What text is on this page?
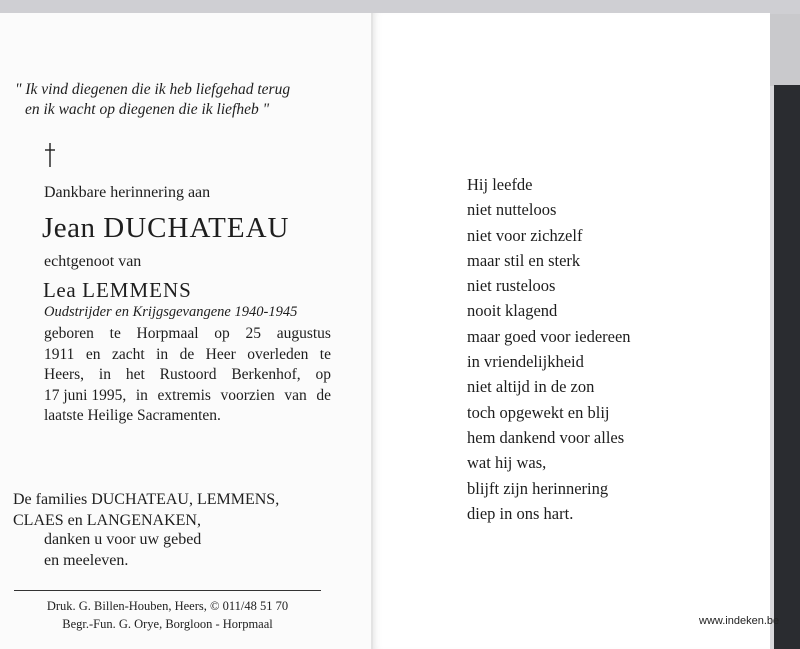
" Ik vind diegenen die ik heb liefgehad terug
en ik wacht op diegenen die ik liefheb "
Dankbare herinnering aan
Jean DUCHATEAU
echtgenoot van
Lea LEMMENS
Oudstrijder en Krijgsgevangene 1940-1945
geboren te Horpmaal op 25 augustus
1911 en zacht in de Heer overleden te
Heers, in het Rustoord Berkenhof, op
17 juni 1995, in extremis voorzien van de
laatste Heilige Sacramenten.
De families DUCHATEAU, LEMMENS,
CLAES en LANGENAKEN,
danken u voor uw gebed
en meeleven.
Druk. G. Billen-Houben, Heers, © 011/48 51 70
Begr.-Fun. G. Orye, Borgloon - Horpmaal
Hij leefde
niet nutteloos
niet voor zichzelf
maar stil en sterk
niet rusteloos
nooit klagend
maar goed voor iedereen
in vriendelijkheid
niet altijd in de zon
toch opgewekt en blij
hem dankend voor alles
wat hij was,
blijft zijn herinnering
diep in ons hart.
www.indeken.be
